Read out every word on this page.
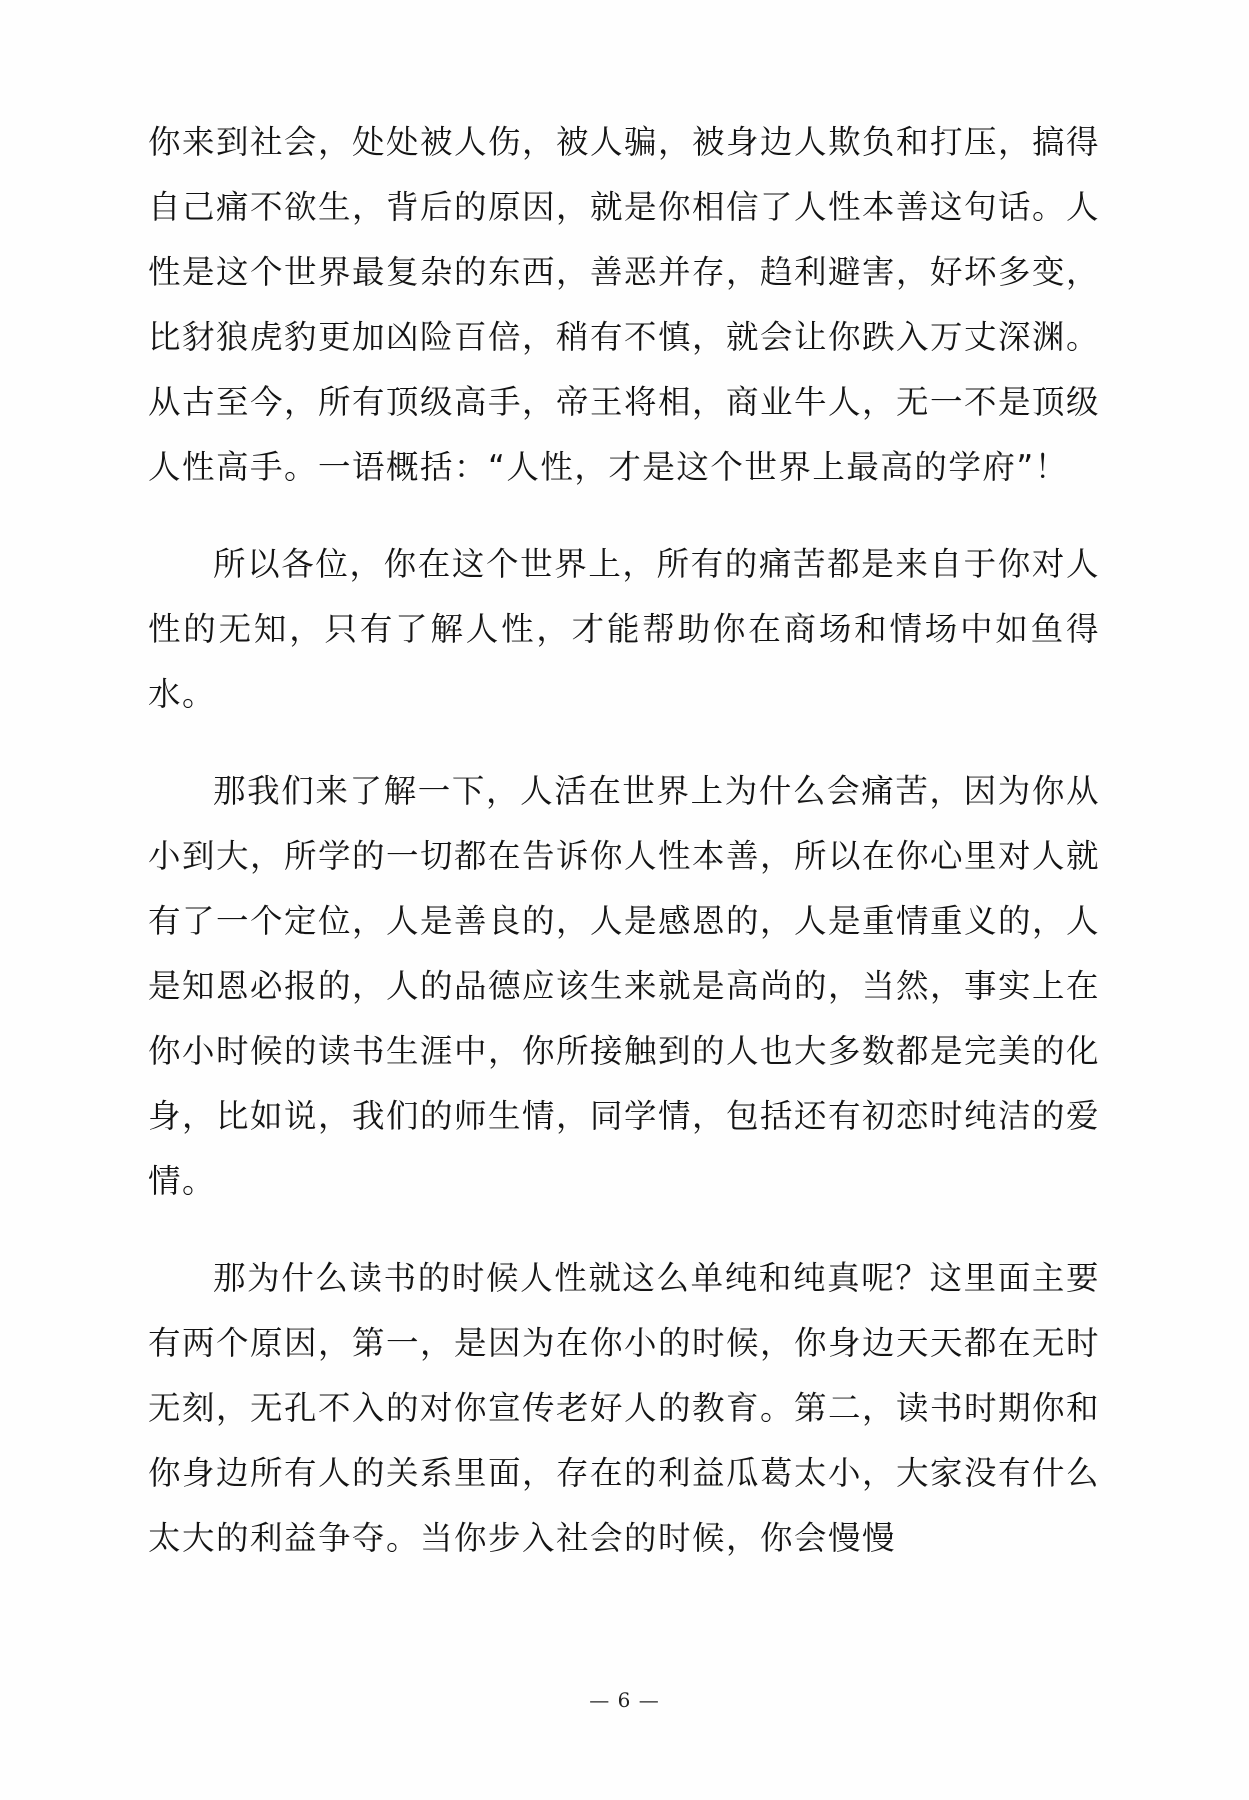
你来到社会，处处被人伤，被人骗，被身边人欺负和打压，搞得自己痛不欲生，背后的原因，就是你相信了人性本善这句话。人性是这个世界最复杂的东西，善恶并存，趋利避害，好坏多变，比豺狼虎豹更加凶险百倍，稍有不慎，就会让你跌入万丈深渊。从古至今，所有顶级高手，帝王将相，商业牛人，无一不是顶级人性高手。一语概括：“人性，才是这个世界上最高的学府”！

所以各位，你在这个世界上，所有的痛苦都是来自于你对人性的无知，只有了解人性，才能帮助你在商场和情场中如鱼得水。

那我们来了解一下，人活在世界上为什么会痛苦，因为你从小到大，所学的一切都在告诉你人性本善，所以在你心里对人就有了一个定位，人是善良的，人是感恩的，人是重情重义的，人是知恩必报的，人的品德应该生来就是高尚的，当然，事实上在你小时候的读书生涯中，你所接触到的人也大多数都是完美的化身，比如说，我们的师生情，同学情，包括还有初恋时纯洁的爱情。

那为什么读书的时候人性就这么单纯和纯真呢？这里面主要有两个原因，第一，是因为在你小的时候，你身边天天都在无时无刻，无孔不入的对你宣传老好人的教育。第二，读书时期你和你身边所有人的关系里面，存在的利益瓜葛太小，大家没有什么太大的利益争夺。当你步入社会的时候，你会慢慢

— 6 —
